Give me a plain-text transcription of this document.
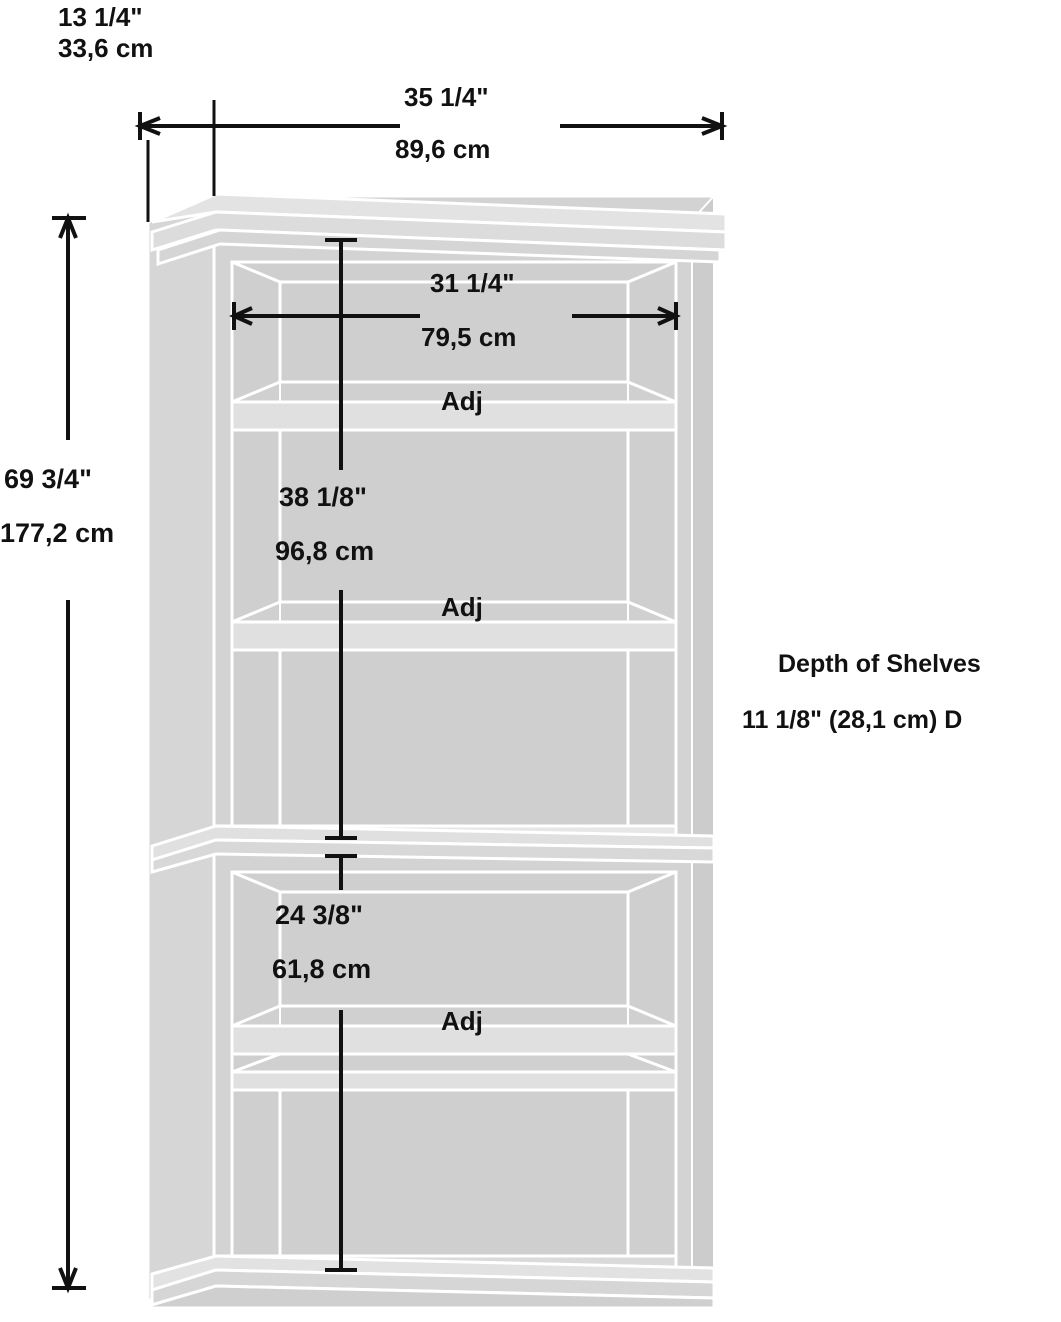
13 1/4"
33,6 cm
35 1/4"
89,6 cm
69 3/4"
177,2 cm
31 1/4"
79,5 cm
Adj
38 1/8"
96,8 cm
Adj
24 3/8"
61,8 cm
Adj
Depth of Shelves
11 1/8" (28,1 cm) D
